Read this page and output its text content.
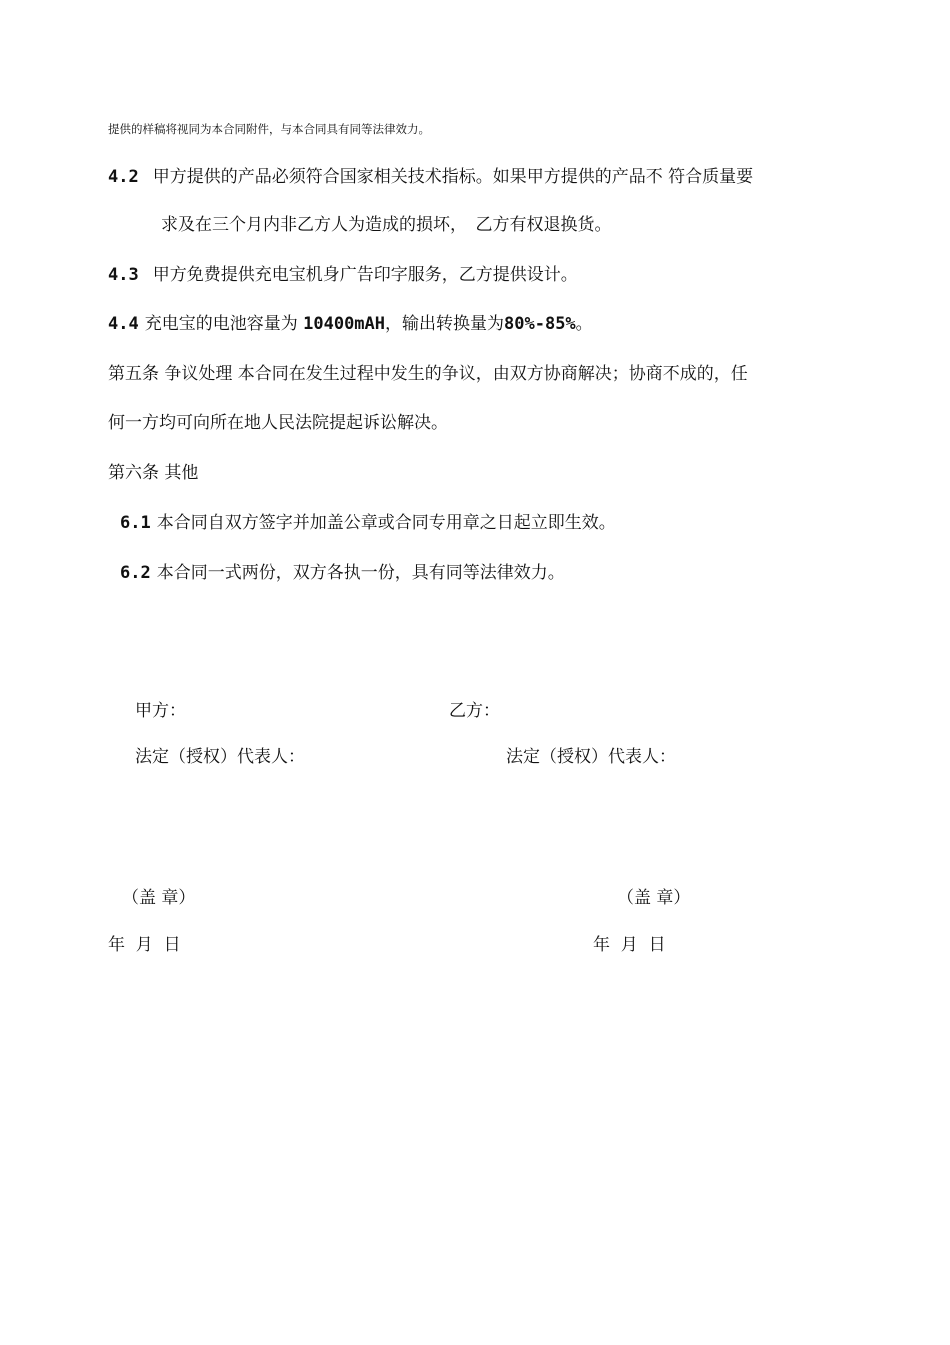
提供的样稿将视同为本合同附件，与本合同具有同等法律效力。
4.2 甲方提供的产品必须符合国家相关技术指标。如果甲方提供的产品不 符合质量要
求及在三个月内非乙方人为造成的损坏，　乙方有权退换货。
4.3 甲方免费提供充电宝机身广告印字服务，乙方提供设计。
4.4 充电宝的电池容量为 10400mAH，输出转换量为80%-85%。
第五条 争议处理 本合同在发生过程中发生的争议，由双方协商解决；协商不成的，任
何一方均可向所在地人民法院提起诉讼解决。
第六条 其他
6.1 本合同自双方签字并加盖公章或合同专用章之日起立即生效。
6.2 本合同一式两份，双方各执一份，具有同等法律效力。
甲方：	乙方：
法定（授权）代表人：	法定（授权）代表人：
（盖 章）	（盖 章）
年  月  日	年  月  日
